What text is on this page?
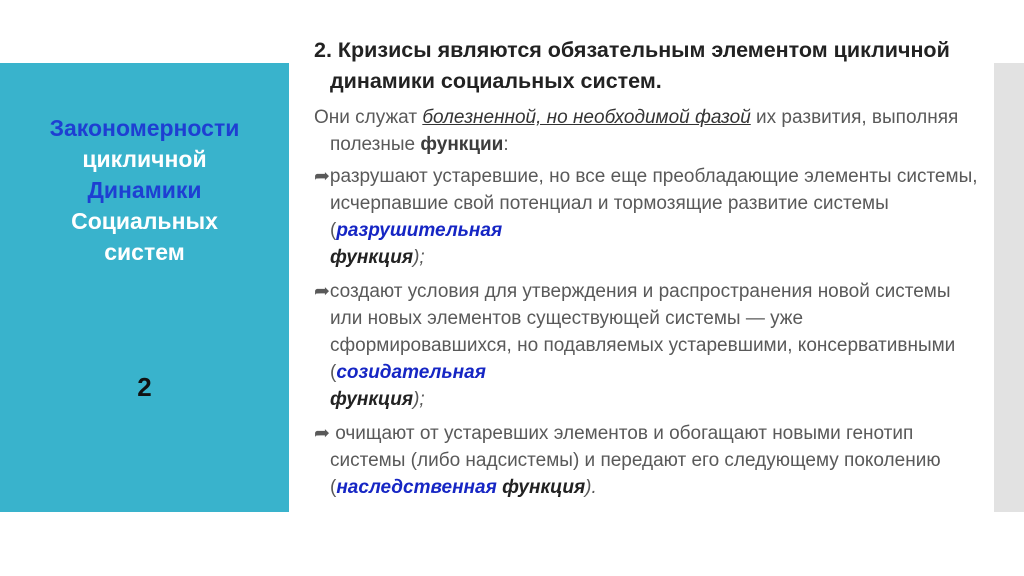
Закономерности
цикличной
Динамики
Социальных
систем
2

2. Кризисы являются обязательным элементом цикличной динамики социальных систем.

Они служат болезненной, но необходимой фазой их развития, выполняя полезные функции:

➦разрушают устаревшие, но все еще преобладающие элементы системы, исчерпавшие свой потенциал и тормозящие развитие системы (разрушительная
функция);

➦создают условия для утверждения и распространения новой системы или новых элементов существующей системы — уже сформировавшихся, но подавляемых устаревшими, консервативными (созидательная
функция);

➦ очищают от устаревших элементов и обогащают новыми генотип системы (либо надсистемы) и передают его следующему поколению (наследственная функция).
